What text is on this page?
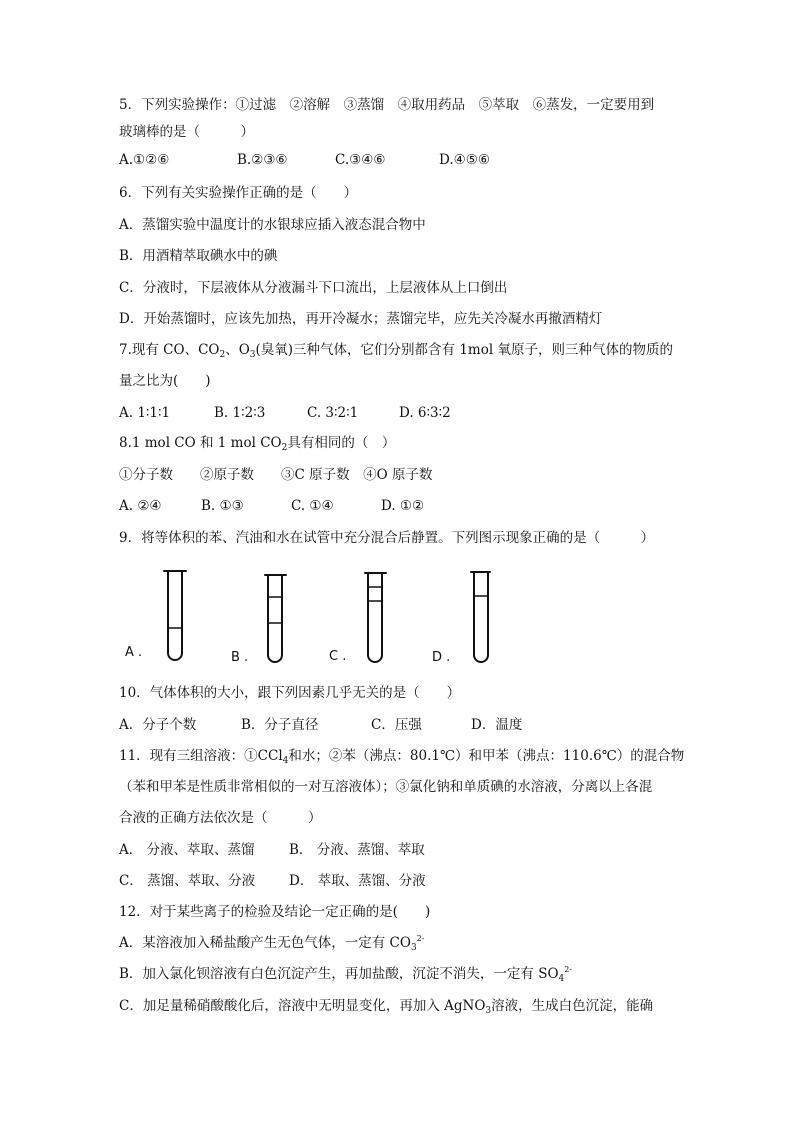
5．下列实验操作：①过滤　②溶解　③蒸馏　④取用药品　⑤萃取　⑥蒸发，一定要用到
玻璃棒的是（　　　）
A.①②⑥	B.②③⑥	C.③④⑥	D.④⑤⑥
6．下列有关实验操作正确的是（　　）
A．蒸馏实验中温度计的水银球应插入液态混合物中
B．用酒精萃取碘水中的碘
C．分液时，下层液体从分液漏斗下口流出，上层液体从上口倒出
D．开始蒸馏时，应该先加热，再开冷凝水；蒸馏完毕，应先关冷凝水再撤酒精灯
7.现有 CO、$CO_2$、$O_3$(臭氧)三种气体，它们分别都含有 1mol 氧原子，则三种气体的物质的
量之比为(　　)
A. 1∶1∶1	B. 1∶2∶3	C. 3∶2∶1	D. 6∶3∶2
8.1 mol CO 和 1 mol $CO_2$具有相同的（　）
①分子数　　②原子数　　③C 原子数　④O 原子数
A. ②④	B. ①③	C. ①④	D. ①②
9．将等体积的苯、汽油和水在试管中充分混合后静置。下列图示现象正确的是（　　　）
A .	B .	C .	D .
10．气体体积的大小，跟下列因素几乎无关的是（　　）
A．分子个数	B．分子直径	C．压强	D．温度
11．现有三组溶液：①CCl$_4$和水；②苯（沸点：80.1℃）和甲苯（沸点：110.6℃）的混合物
（苯和甲苯是性质非常相似的一对互溶液体）；③氯化钠和单质碘的水溶液，分离以上各混
合液的正确方法依次是（　　　）
A． 分液、萃取、蒸馏	B． 分液、蒸馏、萃取
C． 蒸馏、萃取、分液	D． 萃取、蒸馏、分液
12．对于某些离子的检验及结论一定正确的是(　　)
A．某溶液加入稀盐酸产生无色气体，一定有 $CO_3^{2-}$
B．加入氯化钡溶液有白色沉淀产生，再加盐酸，沉淀不消失，一定有 $SO_4^{2-}$
C．加足量稀硝酸酸化后，溶液中无明显变化，再加入 AgNO$_3$溶液，生成白色沉淀，能确
